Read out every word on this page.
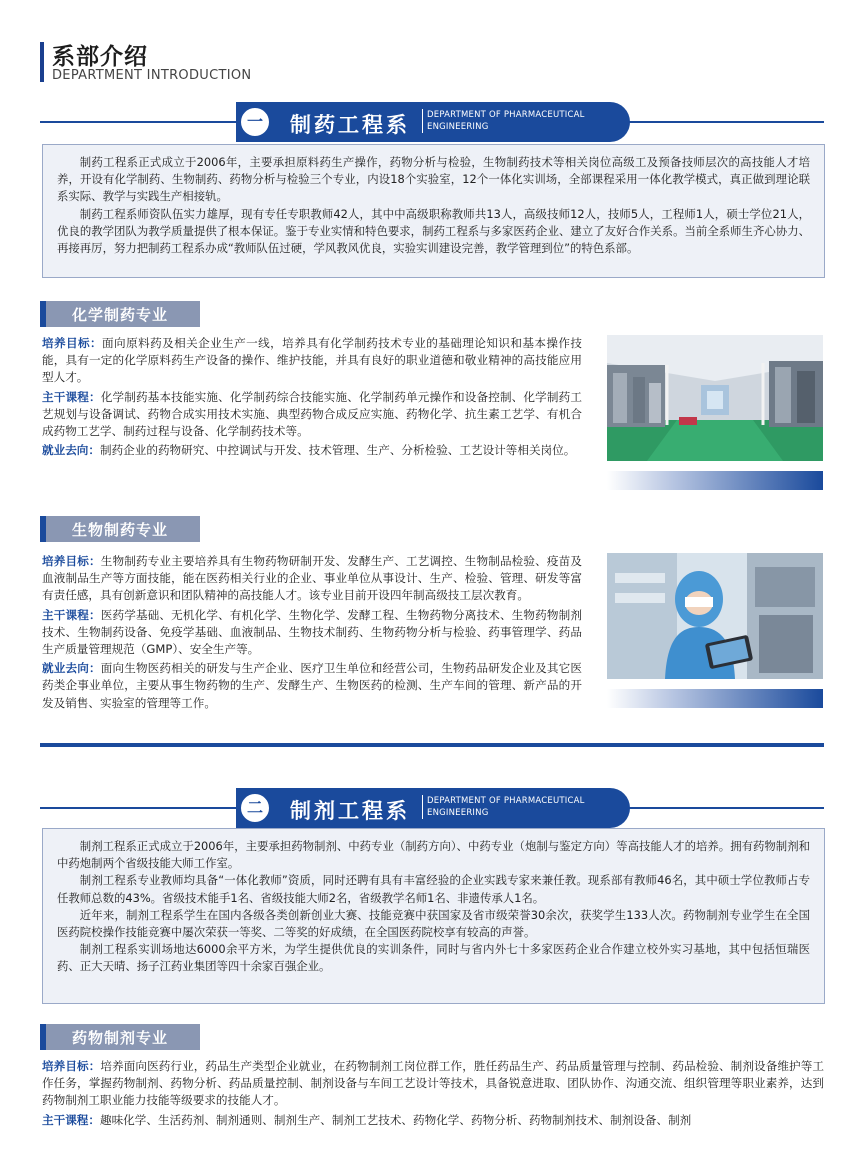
系部介绍
DEPARTMENT INTRODUCTION
一	制药工程系	DEPARTMENT OF PHARMACEUTICAL ENGINEERING

制药工程系正式成立于2006年，主要承担原料药生产操作，药物分析与检验，生物制药技术等相关岗位高级工及预备技师层次的高技能人才培养，开设有化学制药、生物制药、药物分析与检验三个专业，内设18个实验室，12个一体化实训场，全部课程采用一体化教学模式，真正做到理论联系实际、教学与实践生产相接轨。

制药工程系师资队伍实力雄厚，现有专任专职教师42人，其中中高级职称教师共13人，高级技师12人，技师5人，工程师1人，硕士学位21人，优良的教学团队为教学质量提供了根本保证。鉴于专业实情和特色要求，制药工程系与多家医药企业、建立了友好合作关系。当前全系师生齐心协力、再接再厉，努力把制药工程系办成“教师队伍过硬，学风教风优良，实验实训建设完善，教学管理到位”的特色系部。

化学制药专业

培养目标：面向原料药及相关企业生产一线，培养具有化学制药技术专业的基础理论知识和基本操作技能，具有一定的化学原料药生产设备的操作、维护技能，并具有良好的职业道德和敬业精神的高技能应用型人才。

主干课程：化学制药基本技能实施、化学制药综合技能实施、化学制药单元操作和设备控制、化学制药工艺规划与设备调试、药物合成实用技术实施、典型药物合成反应实施、药物化学、抗生素工艺学、有机合成药物工艺学、制药过程与设备、化学制药技术等。

就业去向：制药企业的药物研究、中控调试与开发、技术管理、生产、分析检验、工艺设计等相关岗位。

生物制药专业

培养目标：生物制药专业主要培养具有生物药物研制开发、发酵生产、工艺调控、生物制品检验、疫苗及血液制品生产等方面技能，能在医药相关行业的企业、事业单位从事设计、生产、检验、管理、研发等富有责任感，具有创新意识和团队精神的高技能人才。该专业目前开设四年制高级技工层次教育。

主干课程：医药学基础、无机化学、有机化学、生物化学、发酵工程、生物药物分离技术、生物药物制剂技术、生物制药设备、免疫学基础、血液制品、生物技术制药、生物药物分析与检验、药事管理学、药品生产质量管理规范（GMP）、安全生产等。

就业去向：面向生物医药相关的研发与生产企业、医疗卫生单位和经营公司，生物药品研发企业及其它医药类企事业单位，主要从事生物药物的生产、发酵生产、生物医药的检测、生产车间的管理、新产品的开发及销售、实验室的管理等工作。

二	制剂工程系	DEPARTMENT OF PHARMACEUTICAL ENGINEERING

制剂工程系正式成立于2006年，主要承担药物制剂、中药专业（制药方向）、中药专业（炮制与鉴定方向）等高技能人才的培养。拥有药物制剂和中药炮制两个省级技能大师工作室。

制剂工程系专业教师均具备“一体化教师”资质，同时还聘有具有丰富经验的企业实践专家来兼任教。现系部有教师46名，其中硕士学位教师占专任教师总数的43%。省级技术能手1名、省级技能大师2名，省级教学名师1名、非遗传承人1名。

近年来，制剂工程系学生在国内各级各类创新创业大赛、技能竞赛中获国家及省市级荣誉30余次，获奖学生133人次。药物制剂专业学生在全国医药院校操作技能竞赛中屡次荣获一等奖、二等奖的好成绩，在全国医药院校享有较高的声誉。

制剂工程系实训场地达6000余平方米，为学生提供优良的实训条件，同时与省内外七十多家医药企业合作建立校外实习基地，其中包括恒瑞医药、正大天晴、扬子江药业集团等四十余家百强企业。

药物制剂专业

培养目标：培养面向医药行业，药品生产类型企业就业，在药物制剂工岗位群工作，胜任药品生产、药品质量管理与控制、药品检验、制剂设备维护等工作任务，掌握药物制剂、药物分析、药品质量控制、制剂设备与车间工艺设计等技术，具备锐意进取、团队协作、沟通交流、组织管理等职业素养，达到药物制剂工职业能力技能等级要求的技能人才。

主干课程：趣味化学、生活药剂、制剂通则、制剂生产、制剂工艺技术、药物化学、药物分析、药物制剂技术、制剂设备、制剂
